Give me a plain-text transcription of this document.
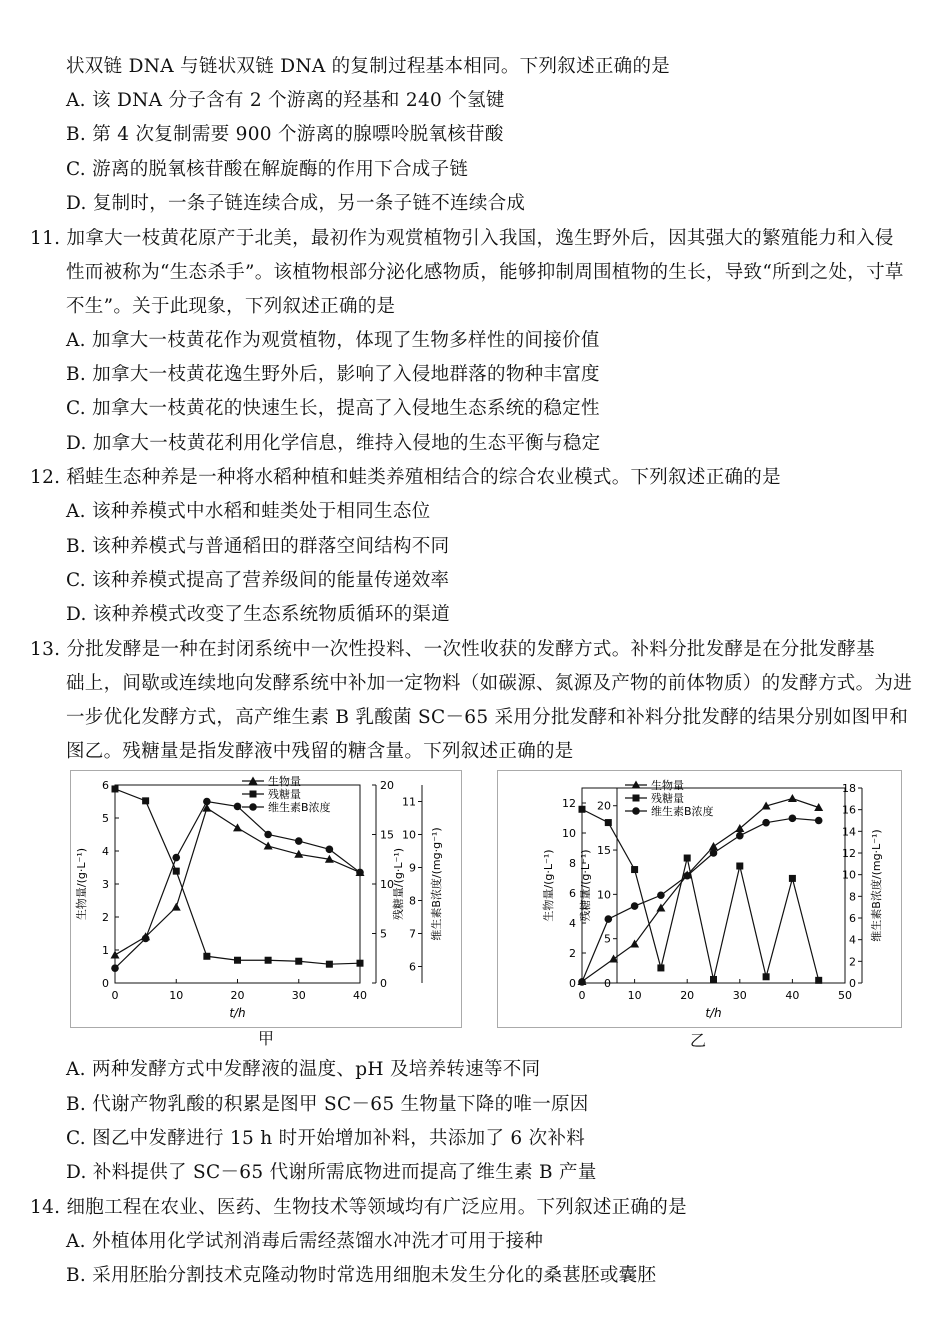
状双链 DNA 与链状双链 DNA 的复制过程基本相同。下列叙述正确的是
A. 该 DNA 分子含有 2 个游离的羟基和 240 个氢键
B. 第 4 次复制需要 900 个游离的腺嘌呤脱氧核苷酸
C. 游离的脱氧核苷酸在解旋酶的作用下合成子链
D. 复制时，一条子链连续合成，另一条子链不连续合成
11. 加拿大一枝黄花原产于北美，最初作为观赏植物引入我国，逸生野外后，因其强大的繁殖能力和入侵
性而被称为“生态杀手”。该植物根部分泌化感物质，能够抑制周围植物的生长，导致“所到之处，寸草
不生”。关于此现象，下列叙述正确的是
A. 加拿大一枝黄花作为观赏植物，体现了生物多样性的间接价值
B. 加拿大一枝黄花逸生野外后，影响了入侵地群落的物种丰富度
C. 加拿大一枝黄花的快速生长，提高了入侵地生态系统的稳定性
D. 加拿大一枝黄花利用化学信息，维持入侵地的生态平衡与稳定
12. 稻蛙生态种养是一种将水稻种植和蛙类养殖相结合的综合农业模式。下列叙述正确的是
A. 该种养模式中水稻和蛙类处于相同生态位
B. 该种养模式与普通稻田的群落空间结构不同
C. 该种养模式提高了营养级间的能量传递效率
D. 该种养模式改变了生态系统物质循环的渠道
13. 分批发酵是一种在封闭系统中一次性投料、一次性收获的发酵方式。补料分批发酵是在分批发酵基
础上，间歇或连续地向发酵系统中补加一定物料（如碳源、氮源及产物的前体物质）的发酵方式。为进
一步优化发酵方式，高产维生素 B 乳酸菌 SC－65 采用分批发酵和补料分批发酵的结果分别如图甲和
图乙。残糖量是指发酵液中残留的糖含量。下列叙述正确的是
0	10	20	30	40
t/h
0
1
2
3
4
5
6
生物量/(g·L⁻¹)
0
5
10
15
20
残糖量/(g·L⁻¹)
6
7
8
9
10
11
维生素B浓度/(mg·g⁻¹)
生物量
残糖量
维生素B浓度
0	10	20	30	40	50
t/h
0
2
4
6
8
10
12
生物量/(g·L⁻¹)
0
5
10
15
20
残糖量/(g·L⁻¹)
0
2
4
6
8
10
12
14
16
18
维生素B浓度/(mg·L⁻¹)
生物量
残糖量
维生素B浓度
甲	乙
A. 两种发酵方式中发酵液的温度、pH 及培养转速等不同
B. 代谢产物乳酸的积累是图甲 SC－65 生物量下降的唯一原因
C. 图乙中发酵进行 15 h 时开始增加补料，共添加了 6 次补料
D. 补料提供了 SC－65 代谢所需底物进而提高了维生素 B 产量
14. 细胞工程在农业、医药、生物技术等领域均有广泛应用。下列叙述正确的是
A. 外植体用化学试剂消毒后需经蒸馏水冲洗才可用于接种
B. 采用胚胎分割技术克隆动物时常选用细胞未发生分化的桑葚胚或囊胚
